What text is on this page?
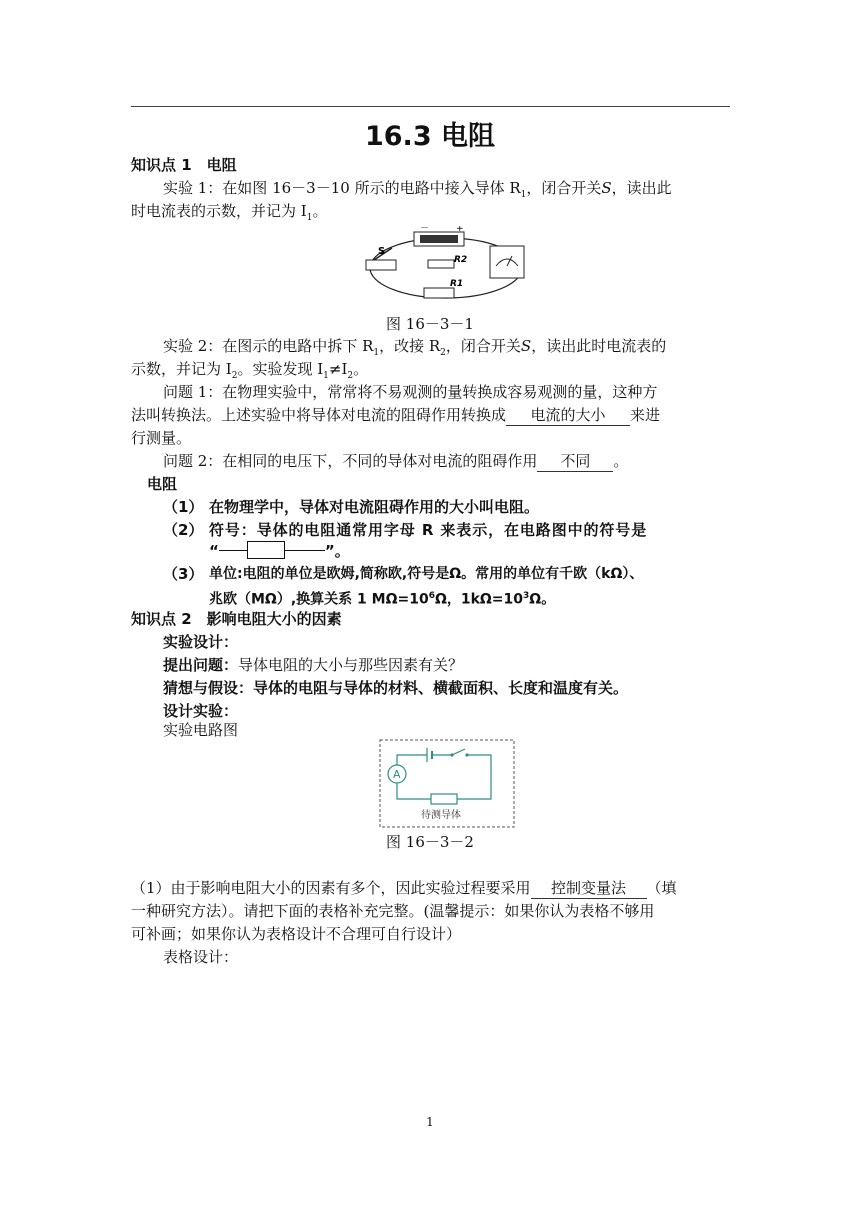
16.3 电阻
知识点 1　电阻
实验 1：在如图 16－3－10 所示的电路中接入导体 $R_1$，闭合开关S，读出此
时电流表的示数，并记为 $I_1$。
－	+
S
R2
R1
图 16－3－1
实验 2：在图示的电路中拆下 $R_1$，改接 $R_2$，闭合开关S，读出此时电流表的
示数，并记为 $I_2$。实验发现 $I_1\ne I_2$。
问题 1：在物理实验中，常常将不易观测的量转换成容易观测的量，这种方
法叫转换法。上述实验中将导体对电流的阻碍作用转换成 电流的大小 来进
行测量。
问题 2：在相同的电压下，不同的导体对电流的阻碍作用 不同 。
电阻
（1） 在物理学中，导体对电流阻碍作用的大小叫电阻。
（2） 符号：导体的电阻通常用字母 R 来表示，在电路图中的符号是
“	”。
（3） 单位:电阻的单位是欧姆,简称欧,符号是Ω。常用的单位有千欧（kΩ）、
兆欧（MΩ）,换算关系 1 $M\Omega=10^6\Omega$，$1k\Omega=10^3\Omega$。
知识点 2　影响电阻大小的因素
实验设计：
提出问题：导体电阻的大小与那些因素有关？
猜想与假设：导体的电阻与导体的材料、横截面积、长度和温度有关。
设计实验：
实验电路图
A
待测导体
图 16－3－2
（1）由于影响电阻大小的因素有多个，因此实验过程要采用 控制变量法 （填
一种研究方法）。请把下面的表格补充完整。(温馨提示：如果你认为表格不够用
可补画；如果你认为表格设计不合理可自行设计）
表格设计：
1
